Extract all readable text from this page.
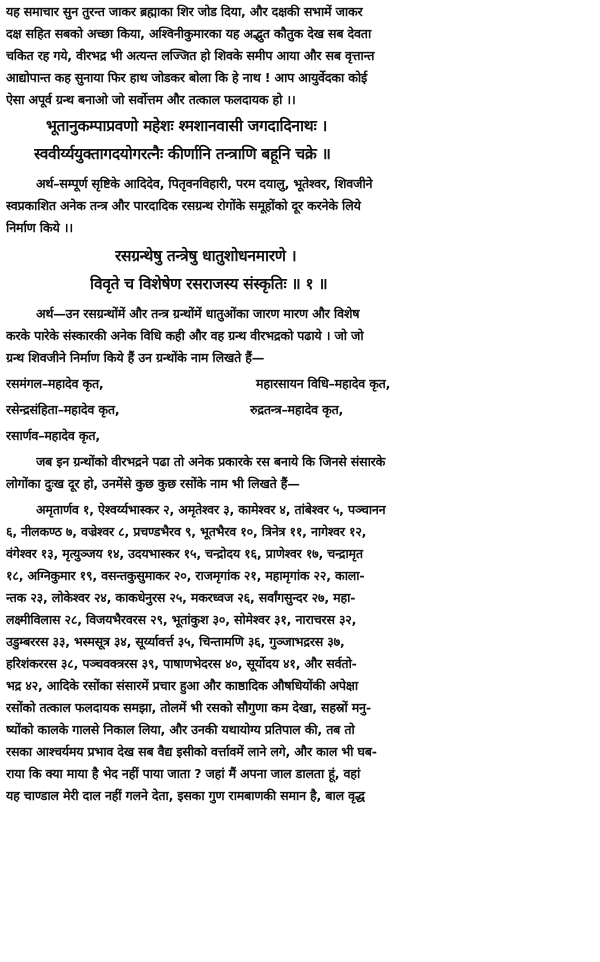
यह समाचार सुन तुरन्त जाकर ब्रह्माका शिर जोड दिया, और दक्षकी सभामें जाकर
दक्ष सहित सबको अच्छा किया, अश्विनीकुमारका यह अद्भुत कौतुक देख सब देवता
चकित रह गये, वीरभद्र भी अत्यन्त लज्जित हो शिवके समीप आया और सब वृत्तान्त
आद्योपान्त कह सुनाया फिर हाथ जोडकर बोला कि हे नाथ ! आप आयुर्वेदका कोई
ऐसा अपूर्व ग्रन्थ बनाओ जो सर्वोत्तम और तत्काल फलदायक हो ।।
भूतानुकम्पाप्रवणो महेशः श्मशानवासी जगदादिनाथः ।
स्ववीर्य्ययुक्तागदयोगरत्नैः कीर्णानि तन्त्राणि बहूनि चक्रे ॥
अर्थ–सम्पूर्ण सृष्टिके आदिदेव, पितृवनविहारी, परम दयालु, भूतेश्वर, शिवजीने
स्वप्रकाशित अनेक तन्त्र और पारदादिक रसग्रन्थ रोगोंके समूहोंको दूर करनेके लिये
निर्माण किये ।।
रसग्रन्थेषु तन्त्रेषु धातुशोधनमारणे ।
विवृते च विशेषेण रसराजस्य संस्कृतिः ॥ १ ॥
अर्थ—उन रसग्रन्थोंमें और तन्त्र ग्रन्थोंमें धातुओंका जारण मारण और विशेष
करके पारेके संस्कारकी अनेक विधि कही और वह ग्रन्थ वीरभद्रको पढाये । जो जो
ग्रन्थ शिवजीने निर्माण किये हैं उन ग्रन्थोंके नाम लिखते हैं—
रसमंगल–महादेव कृत,	महारसायन विधि–महादेव कृत,
रसेन्द्रसंहिता–महादेव कृत,	रुद्रतन्त्र–महादेव कृत,
रसार्णव–महादेव कृत,
जब इन ग्रन्थोंको वीरभद्रने पढा तो अनेक प्रकारके रस बनाये कि जिनसे संसारके
लोगोंका दुःख दूर हो, उनमेंसे कुछ कुछ रसोंके नाम भी लिखते हैं—
अमृतार्णव १, ऐश्वर्य्यभास्कर २, अमृतेश्वर ३, कामेश्वर ४, तांबेश्वर ५, पञ्चानन
६, नीलकण्ठ ७, वज्रेश्वर ८, प्रचण्डभैरव ९, भूतभैरव १०, त्रिनेत्र ११, नागेश्वर १२,
वंगेश्वर १३, मृत्युञ्जय १४, उदयभास्कर १५, चन्द्रोदय १६, प्राणेश्वर १७, चन्द्रामृत
१८, अग्निकुमार १९, वसन्तकुसुमाकर २०, राजमृगांक २१, महामृगांक २२, काला-
न्तक २३, लोकेश्वर २४, काकधेनुरस २५, मकरध्वज २६, सर्वांगसुन्दर २७, महा-
लक्ष्मीविलास २८, विजयभैरवरस २९, भूतांकुश ३०, सोमेश्वर ३१, नाराचरस ३२,
उडुम्बररस ३३, भस्मसूत्र ३४, सूर्य्यावर्त्त ३५, चिन्तामणि ३६, गुञ्जाभद्ररस ३७,
हरिशंकररस ३८, पञ्चवक्त्ररस ३९, पाषाणभेदरस ४०, सूर्योदय ४१, और सर्वतो-
भद्र ४२, आदिके रसोंका संसारमें प्रचार हुआ और काष्ठादिक औषधियोंकी अपेक्षा
रसोंको तत्काल फलदायक समझा, तोलमें भी रसको सौगुणा कम देखा, सहस्रों मनु-
ष्योंको कालके गालसे निकाल लिया, और उनकी यथायोग्य प्रतिपाल की, तब तो
रसका आश्चर्यमय प्रभाव देख सब वैद्य इसीको वर्त्तावमें लाने लगे, और काल भी घब-
राया कि क्या माया है भेद नहीं पाया जाता ? जहां मैं अपना जाल डालता हूं, वहां
यह चाण्डाल मेरी दाल नहीं गलने देता, इसका गुण रामबाणकी समान है, बाल वृद्ध
